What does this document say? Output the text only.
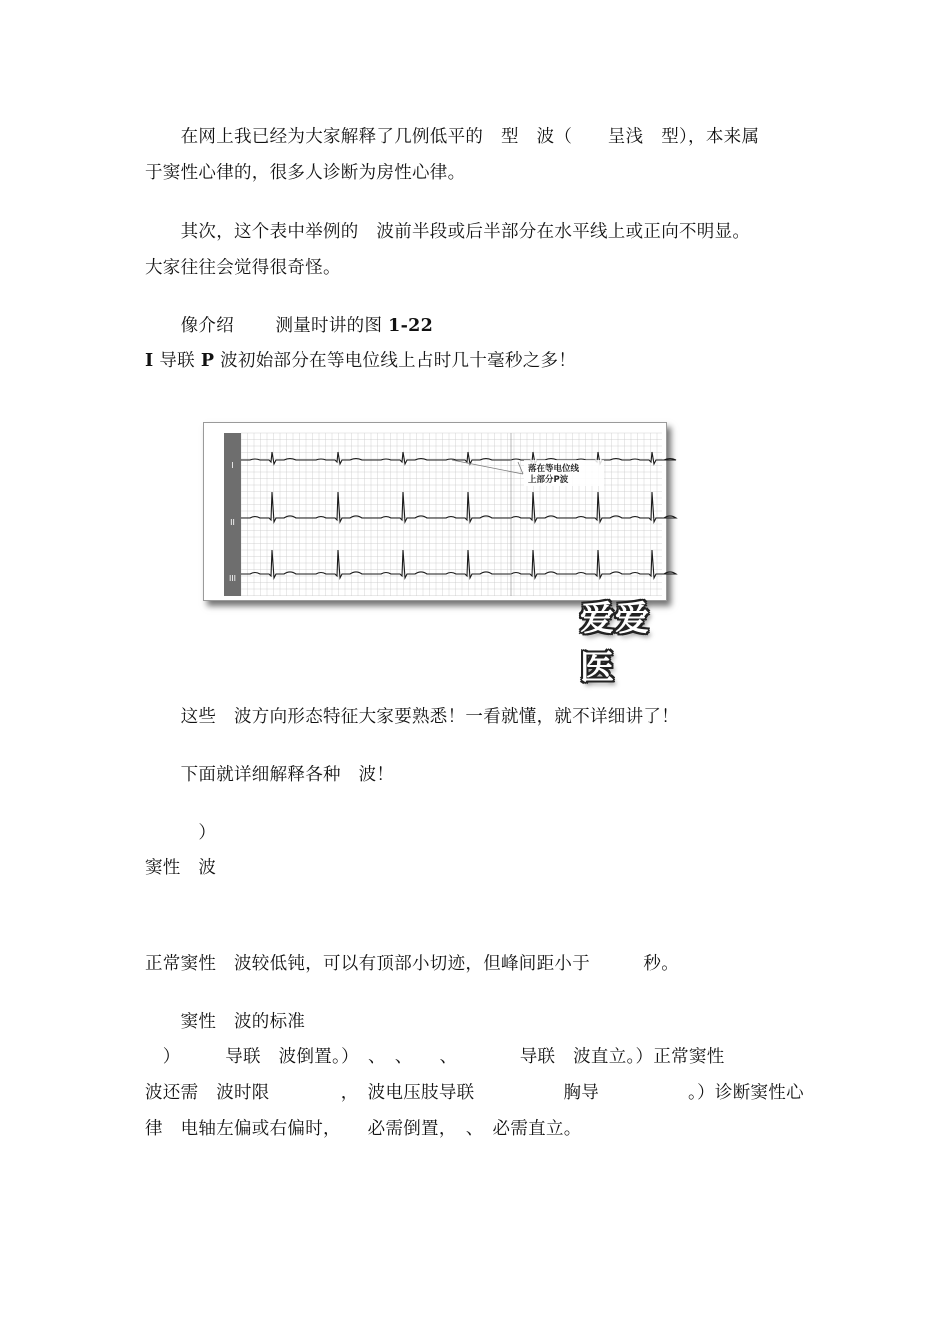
　　在网上我已经为大家解释了几例低平的　型　波（　　呈浅　型），本来属

于窦性心律的，很多人诊断为房性心律。

　　其次，这个表中举例的　波前半段或后半部分在水平线上或正向不明显。

大家往往会觉得很奇怪。

　　像介绍　　 测量时讲的图 1-22

I 导联 P 波初始部分在等电位线上占时几十毫秒之多！

I
II
III
落在等电位线
上部分P波
爱爱医

　　这些　波方向形态特征大家要熟悉！一看就懂，就不详细讲了！

　　下面就详细解释各种　波！

　　　）

窦性　波

正常窦性　波较低钝，可以有顶部小切迹，但峰间距小于　　　秒。

　　窦性　波的标准

　）　　　导联　波倒置。）　、　、　　、　　　　导联　波直立。）正常窦性

波还需　波时限　　　　，　波电压肢导联　　　　　胸导　　　　　。）诊断窦性心

律　电轴左偏或右偏时，　　必需倒置，　、　必需直立。
